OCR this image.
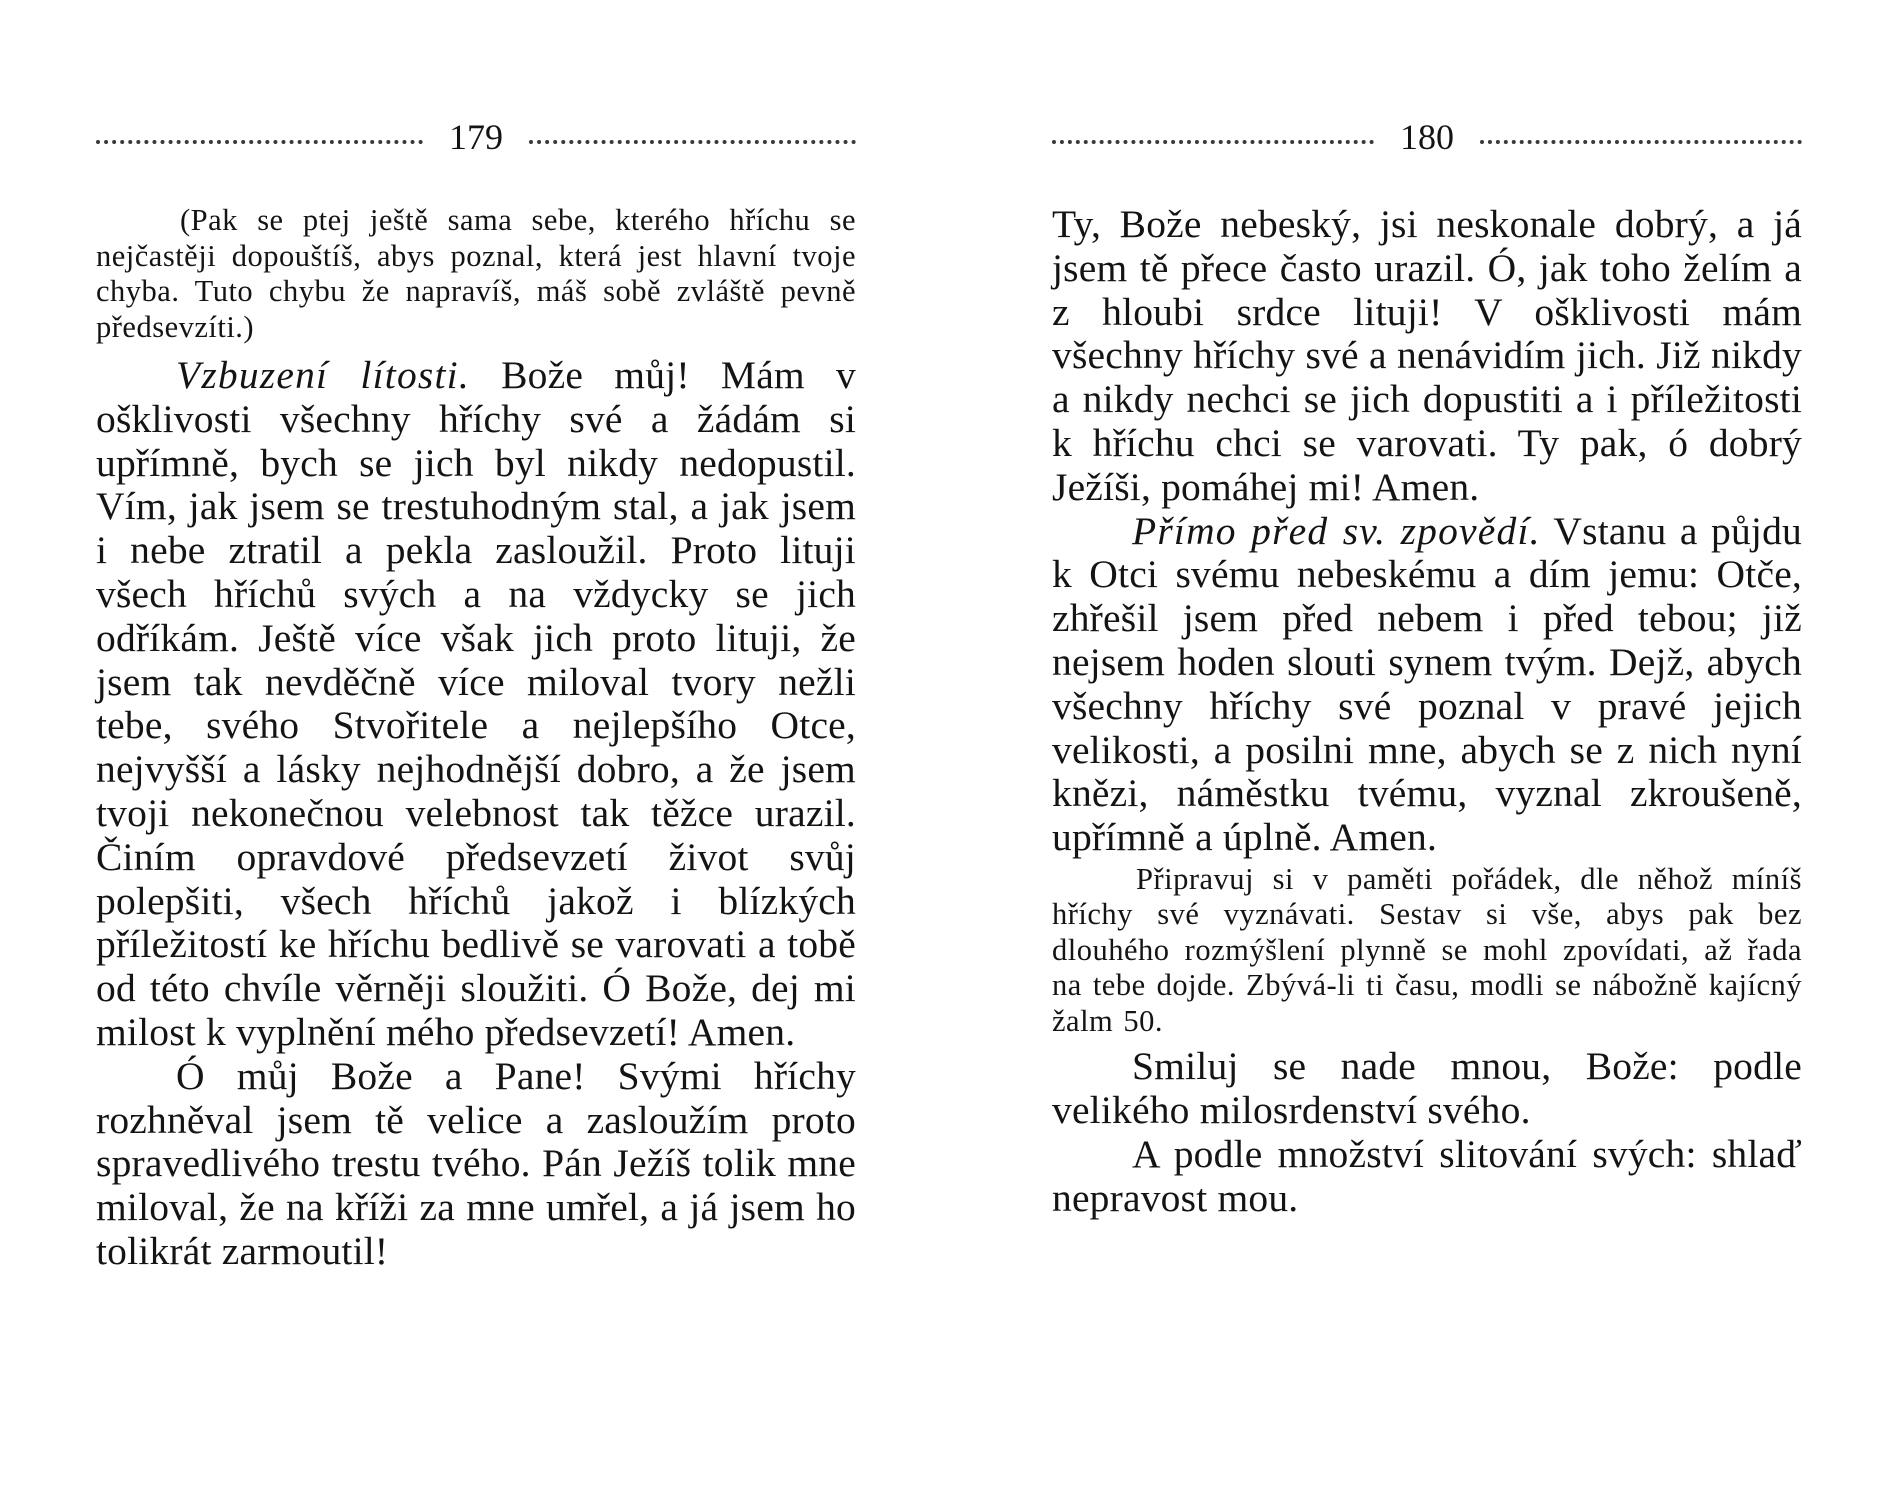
179

(Pak se ptej ještě sama sebe, kterého hříchu se nejčastěji dopouštíš, abys poznal, která jest hlavní tvoje chyba. Tuto chybu že napravíš, máš sobě zvláště pevně předsevzíti.)

Vzbuzení lítosti. Bože můj! Mám v ošklivosti všechny hříchy své a žádám si upřímně, bych se jich byl nikdy nedopustil. Vím, jak jsem se trestuhodným stal, a jak jsem i nebe ztratil a pekla zasloužil. Proto lituji všech hříchů svých a na vždycky se jich odříkám. Ještě více však jich proto lituji, že jsem tak nevděčně více miloval tvory nežli tebe, svého Stvořitele a nejlepšího Otce, nejvyšší a lásky nejhodnější dobro, a že jsem tvoji nekonečnou velebnost tak těžce urazil. Činím opravdové předsevzetí život svůj polepšiti, všech hříchů jakož i blízkých příležitostí ke hříchu bedlivě se varovati a tobě od této chvíle věrněji sloužiti. Ó Bože, dej mi milost k vyplnění mého předsevzetí! Amen.

Ó můj Bože a Pane! Svými hříchy rozhněval jsem tě velice a zasloužím proto spravedlivého trestu tvého. Pán Ježíš tolik mne miloval, že na kříži za mne umřel, a já jsem ho tolikrát zarmoutil!

180

Ty, Bože nebeský, jsi neskonale dobrý, a já jsem tě přece často urazil. Ó, jak toho želím a z hloubi srdce lituji! V ošklivosti mám všechny hříchy své a nenávidím jich. Již nikdy a nikdy nechci se jich dopustiti a i příležitosti k hříchu chci se varovati. Ty pak, ó dobrý Ježíši, pomáhej mi! Amen.

Přímo před sv. zpovědí. Vstanu a půjdu k Otci svému nebeskému a dím jemu: Otče, zhřešil jsem před nebem i před tebou; již nejsem hoden slouti synem tvým. Dejž, abych všechny hříchy své poznal v pravé jejich velikosti, a posilni mne, abych se z nich nyní knězi, náměstku tvému, vyznal zkroušeně, upřímně a úplně. Amen.

Připravuj si v paměti pořádek, dle něhož míníš hříchy své vyznávati. Sestav si vše, abys pak bez dlouhého rozmýšlení plynně se mohl zpovídati, až řada na tebe dojde. Zbývá-li ti času, modli se nábožně kajícný žalm 50.

Smiluj se nade mnou, Bože: podle velikého milosrdenství svého.

A podle množství slitování svých: shlaď nepravost mou.
